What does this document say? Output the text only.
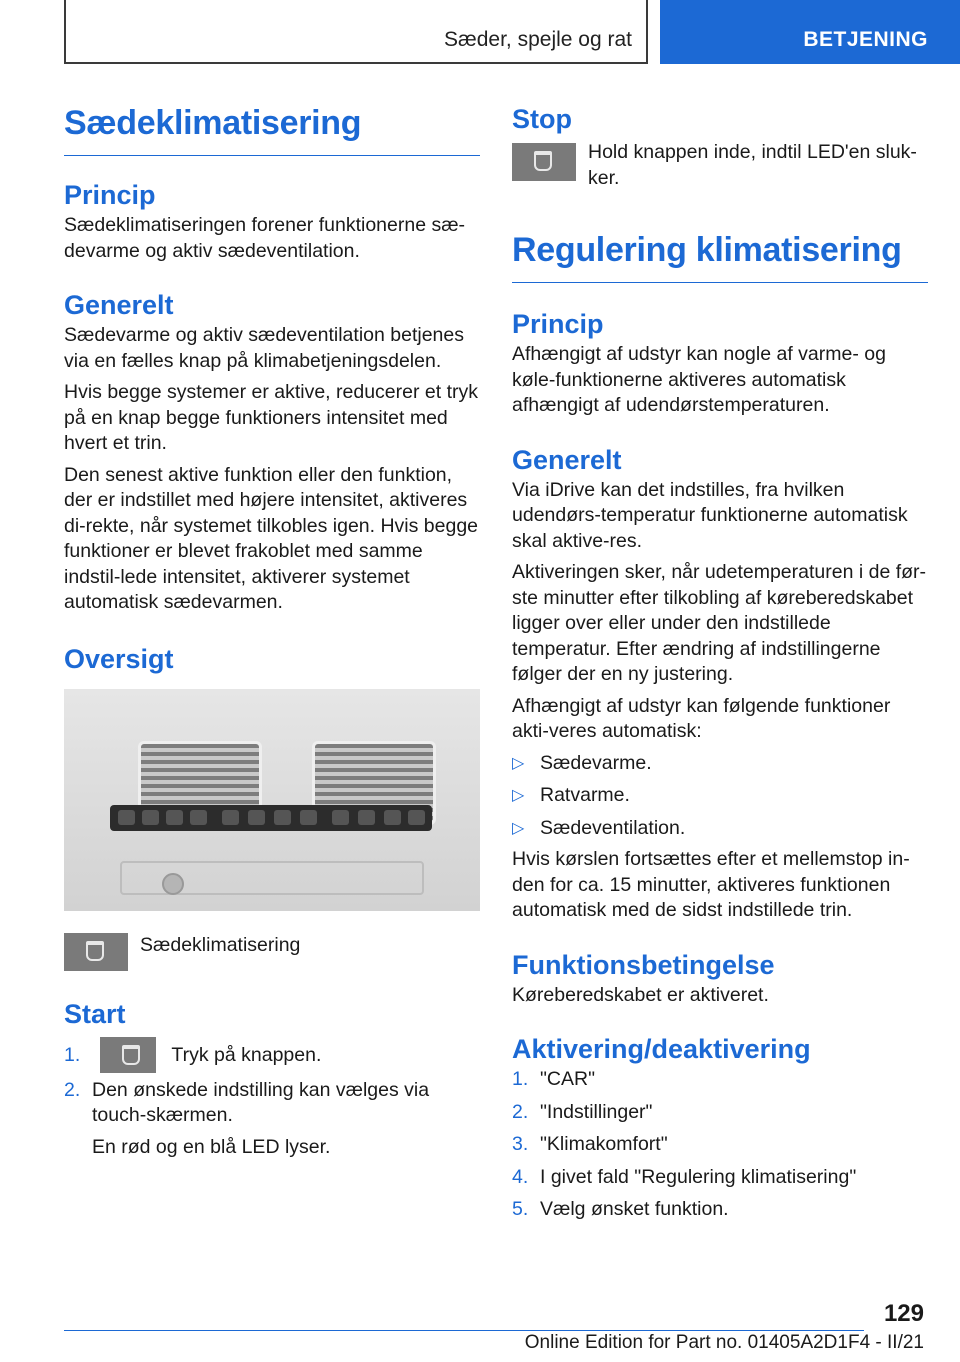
Sæder, spejle og rat	BETJENING
Sædeklimatisering
Princip

Sædeklimatiseringen forener funktionerne sæ-devarme og aktiv sædeventilation.

Generelt

Sædevarme og aktiv sædeventilation betjenes via en fælles knap på klimabetjeningsdelen.

Hvis begge systemer er aktive, reducerer et tryk på en knap begge funktioners intensitet med hvert et trin.

Den senest aktive funktion eller den funktion, der er indstillet med højere intensitet, aktiveres di-rekte, når systemet tilkobles igen. Hvis begge funktioner er blevet frakoblet med samme indstil-lede intensitet, aktiverer systemet automatisk sædevarmen.

Oversigt
Sædeklimatisering
Start
1.	Tryk på knappen.
2. Den ønskede indstilling kan vælges via touch-skærmen.

En rød og en blå LED lyser.

Stop

Hold knappen inde, indtil LED'en sluk-ker.

Regulering klimatisering
Princip

Afhængigt af udstyr kan nogle af varme- og køle-funktionerne aktiveres automatisk afhængigt af udendørstemperaturen.

Generelt

Via iDrive kan det indstilles, fra hvilken udendørs-temperatur funktionerne automatisk skal aktive-res.

Aktiveringen sker, når udetemperaturen i de før-ste minutter efter tilkobling af køreberedskabet ligger over eller under den indstillede temperatur. Efter ændring af indstillingerne følger der en ny justering.

Afhængigt af udstyr kan følgende funktioner akti-veres automatisk:

▷ Sædevarme.
▷ Ratvarme.
▷ Sædeventilation.

Hvis kørslen fortsættes efter et mellemstop in-den for ca. 15 minutter, aktiveres funktionen automatisk med de sidst indstillede trin.

Funktionsbetingelse

Køreberedskabet er aktiveret.

Aktivering/deaktivering
1. "CAR"
2. "Indstillinger"
3. "Klimakomfort"
4. I givet fald "Regulering klimatisering"
5. Vælg ønsket funktion.
129
Online Edition for Part no. 01405A2D1F4 - II/21
